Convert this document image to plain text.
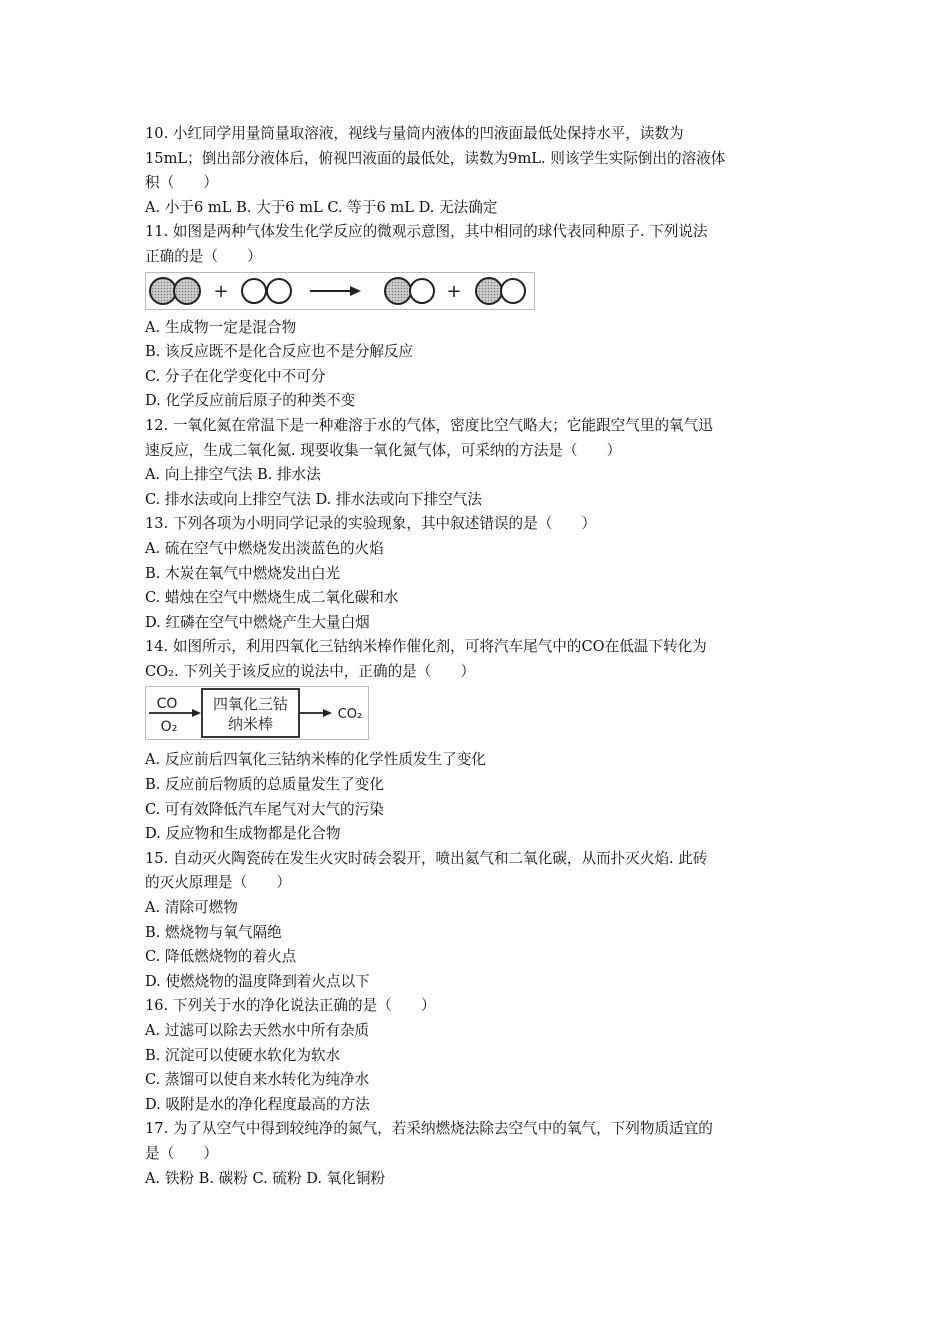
10. 小红同学用量筒量取溶液，视线与量筒内液体的凹液面最低处保持水平，读数为
15mL；倒出部分液体后，俯视凹液面的最低处，读数为9mL. 则该学生实际倒出的溶液体
积（　　）
A. 小于6 mL B. 大于6 mL C. 等于6 mL D. 无法确定
11. 如图是两种气体发生化学反应的微观示意图，其中相同的球代表同种原子. 下列说法
正确的是（　　）
+	+
A. 生成物一定是混合物
B. 该反应既不是化合反应也不是分解反应
C. 分子在化学变化中不可分
D. 化学反应前后原子的种类不变
12. 一氧化氮在常温下是一种难溶于水的气体，密度比空气略大；它能跟空气里的氧气迅
速反应，生成二氧化氮. 现要收集一氧化氮气体，可采纳的方法是（　　）
A. 向上排空气法 B. 排水法
C. 排水法或向上排空气法 D. 排水法或向下排空气法
13. 下列各项为小明同学记录的实验现象，其中叙述错误的是（　　）
A. 硫在空气中燃烧发出淡蓝色的火焰
B. 木炭在氧气中燃烧发出白光
C. 蜡烛在空气中燃烧生成二氧化碳和水
D. 红磷在空气中燃烧产生大量白烟
14. 如图所示，利用四氧化三钴纳米棒作催化剂，可将汽车尾气中的CO在低温下转化为
CO₂. 下列关于该反应的说法中，正确的是（　　）
CO
O₂
四氧化三钴
纳米棒
CO₂
A. 反应前后四氧化三钴纳米棒的化学性质发生了变化
B. 反应前后物质的总质量发生了变化
C. 可有效降低汽车尾气对大气的污染
D. 反应物和生成物都是化合物
15. 自动灭火陶瓷砖在发生火灾时砖会裂开，喷出氦气和二氧化碳，从而扑灭火焰. 此砖
的灭火原理是（　　）
A. 清除可燃物
B. 燃烧物与氧气隔绝
C. 降低燃烧物的着火点
D. 使燃烧物的温度降到着火点以下
16. 下列关于水的净化说法正确的是（　　）
A. 过滤可以除去天然水中所有杂质
B. 沉淀可以使硬水软化为软水
C. 蒸馏可以使自来水转化为纯净水
D. 吸附是水的净化程度最高的方法
17. 为了从空气中得到较纯净的氮气，若采纳燃烧法除去空气中的氧气，下列物质适宜的
是（　　）
A. 铁粉 B. 碳粉 C. 硫粉 D. 氧化铜粉
